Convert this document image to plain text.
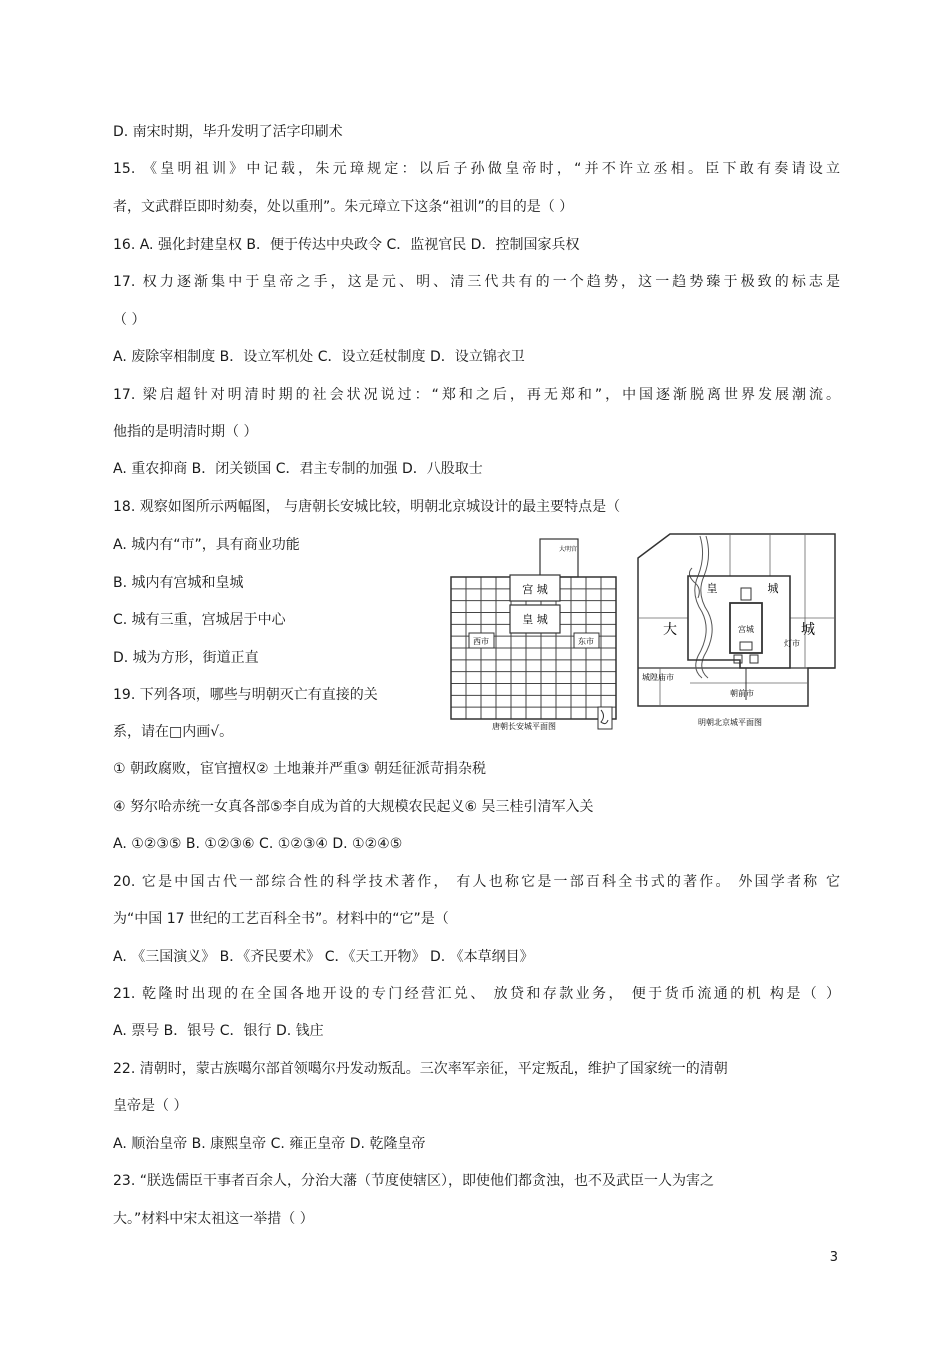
D. 南宋时期，毕升发明了活字印刷术
15. 《皇明祖训》中记载，朱元璋规定：以后子孙做皇帝时，“并不许立丞相。臣下敢有奏请设立
者，文武群臣即时劾奏，处以重刑”。朱元璋立下这条“祖训”的目的是（ ）
16. A. 强化封建皇权 B．便于传达中央政令 C．监视官民 D．控制国家兵权
17. 权力逐渐集中于皇帝之手，这是元、明、清三代共有的一个趋势，这一趋势臻于极致的标志是
（ ）
A. 废除宰相制度 B．设立军机处 C．设立廷杖制度 D．设立锦衣卫
17. 梁启超针对明清时期的社会状况说过：“郑和之后，再无郑和”，中国逐渐脱离世界发展潮流。
他指的是明清时期（ ）
A. 重农抑商 B．闭关锁国 C．君主专制的加强 D．八股取士
18. 观察如图所示两幅图， 与唐朝长安城比较，明朝北京城设计的最主要特点是（
A. 城内有“市”，具有商业功能
B. 城内有宫城和皇城
C. 城有三重，宫城居于中心
D. 城为方形，街道正直
19. 下列各项，哪些与明朝灭亡有直接的关
系，请在□内画√。
① 朝政腐败，宦官擅权② 土地兼并严重③ 朝廷征派苛捐杂税
④ 努尔哈赤统一女真各部⑤李自成为首的大规模农民起义⑥ 吴三桂引清军入关
A. ①②③⑤ B. ①②③⑥ C. ①②③④ D. ①②④⑤
20. 它是中国古代一部综合性的科学技术著作， 有人也称它是一部百科全书式的著作。 外国学者称 它
为“中国 17 世纪的工艺百科全书”。材料中的“它”是（
A. 《三国演义》 B．《齐民要术》 C．《天工开物》 D. 《本草纲目》
21. 乾隆时出现的在全国各地开设的专门经营汇兑、 放贷和存款业务， 便于货币流通的机 构是（ ）
A. 票号 B．银号 C．银行 D. 钱庄
22. 清朝时，蒙古族噶尔部首领噶尔丹发动叛乱。三次率军亲征，平定叛乱，维护了国家统一的清朝
皇帝是（ ）
A. 顺治皇帝 B. 康熙皇帝 C. 雍正皇帝 D. 乾隆皇帝
23. “朕选儒臣干事者百余人，分治大藩（节度使辖区），即使他们都贪浊，也不及武臣一人为害之
大。”材料中宋太祖这一举措（ ）
宫 城
皇 城
西市	东市
大明宫
唐朝长安城平面图
大	城
皇	城
宫城
灯市
城隍庙市
朝前市
明朝北京城平面图
3
